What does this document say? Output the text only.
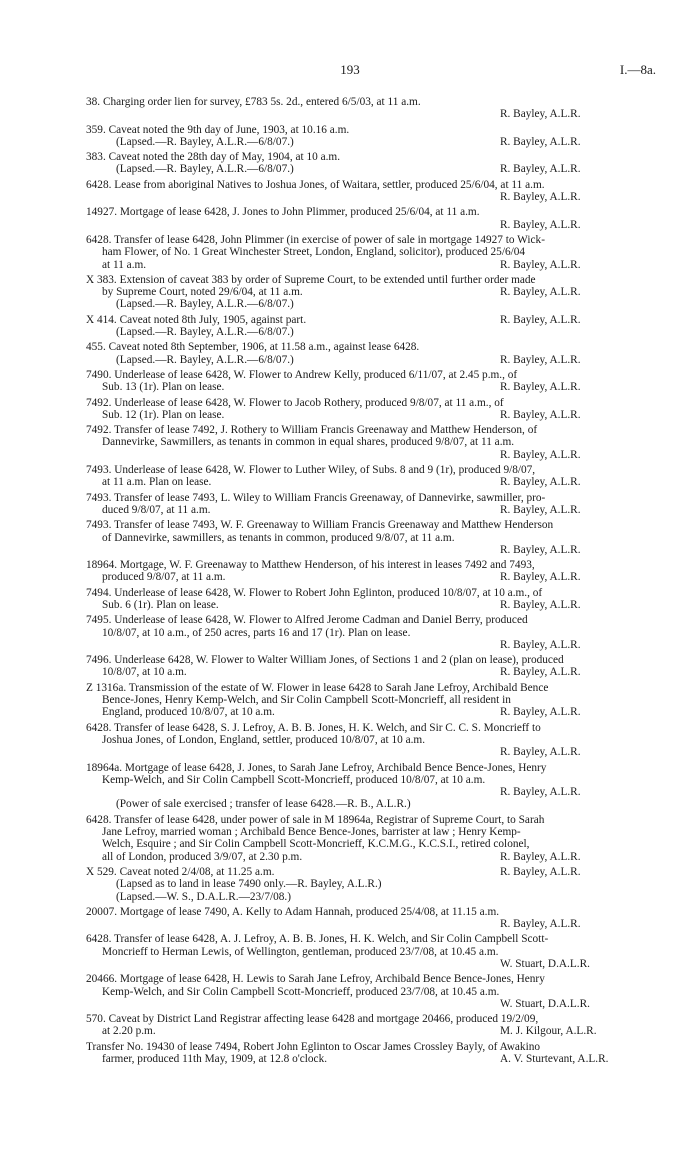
193	I.—8a.
38. Charging order lien for survey, £783 5s. 2d., entered 6/5/03, at 11 a.m.
R. Bayley, A.L.R.
359. Caveat noted the 9th day of June, 1903, at 10.16 a.m.
(Lapsed.—R. Bayley, A.L.R.—6/8/07.)	R. Bayley, A.L.R.
383. Caveat noted the 28th day of May, 1904, at 10 a.m.
(Lapsed.—R. Bayley, A.L.R.—6/8/07.)	R. Bayley, A.L.R.
6428. Lease from aboriginal Natives to Joshua Jones, of Waitara, settler, produced 25/6/04, at 11 a.m.
R. Bayley, A.L.R.
14927. Mortgage of lease 6428, J. Jones to John Plimmer, produced 25/6/04, at 11 a.m.
R. Bayley, A.L.R.
6428. Transfer of lease 6428, John Plimmer (in exercise of power of sale in mortgage 14927 to Wick-
ham Flower, of No. 1 Great Winchester Street, London, England, solicitor), produced 25/6/04
at 11 a.m.	R. Bayley, A.L.R.
X 383. Extension of caveat 383 by order of Supreme Court, to be extended until further order made
by Supreme Court, noted 29/6/04, at 11 a.m.	R. Bayley, A.L.R.
(Lapsed.—R. Bayley, A.L.R.—6/8/07.)
X 414. Caveat noted 8th July, 1905, against part.	R. Bayley, A.L.R.
(Lapsed.—R. Bayley, A.L.R.—6/8/07.)
455. Caveat noted 8th September, 1906, at 11.58 a.m., against lease 6428.
(Lapsed.—R. Bayley, A.L.R.—6/8/07.)	R. Bayley, A.L.R.
7490. Underlease of lease 6428, W. Flower to Andrew Kelly, produced 6/11/07, at 2.45 p.m., of
Sub. 13 (1r). Plan on lease.	R. Bayley, A.L.R.
7492. Underlease of lease 6428, W. Flower to Jacob Rothery, produced 9/8/07, at 11 a.m., of
Sub. 12 (1r). Plan on lease.	R. Bayley, A.L.R.
7492. Transfer of lease 7492, J. Rothery to William Francis Greenaway and Matthew Henderson, of
Dannevirke, Sawmillers, as tenants in common in equal shares, produced 9/8/07, at 11 a.m.
R. Bayley, A.L.R.
7493. Underlease of lease 6428, W. Flower to Luther Wiley, of Subs. 8 and 9 (1r), produced 9/8/07,
at 11 a.m. Plan on lease.	R. Bayley, A.L.R.
7493. Transfer of lease 7493, L. Wiley to William Francis Greenaway, of Dannevirke, sawmiller, pro-
duced 9/8/07, at 11 a.m.	R. Bayley, A.L.R.
7493. Transfer of lease 7493, W. F. Greenaway to William Francis Greenaway and Matthew Henderson
of Dannevirke, sawmillers, as tenants in common, produced 9/8/07, at 11 a.m.
R. Bayley, A.L.R.
18964. Mortgage, W. F. Greenaway to Matthew Henderson, of his interest in leases 7492 and 7493,
produced 9/8/07, at 11 a.m.	R. Bayley, A.L.R.
7494. Underlease of lease 6428, W. Flower to Robert John Eglinton, produced 10/8/07, at 10 a.m., of
Sub. 6 (1r). Plan on lease.	R. Bayley, A.L.R.
7495. Underlease of lease 6428, W. Flower to Alfred Jerome Cadman and Daniel Berry, produced
10/8/07, at 10 a.m., of 250 acres, parts 16 and 17 (1r). Plan on lease.
R. Bayley, A.L.R.
7496. Underlease 6428, W. Flower to Walter William Jones, of Sections 1 and 2 (plan on lease), produced
10/8/07, at 10 a.m.	R. Bayley, A.L.R.
Z 1316a. Transmission of the estate of W. Flower in lease 6428 to Sarah Jane Lefroy, Archibald Bence
Bence-Jones, Henry Kemp-Welch, and Sir Colin Campbell Scott-Moncrieff, all resident in
England, produced 10/8/07, at 10 a.m.	R. Bayley, A.L.R.
6428. Transfer of lease 6428, S. J. Lefroy, A. B. B. Jones, H. K. Welch, and Sir C. C. S. Moncrieff to
Joshua Jones, of London, England, settler, produced 10/8/07, at 10 a.m.
R. Bayley, A.L.R.
18964a. Mortgage of lease 6428, J. Jones, to Sarah Jane Lefroy, Archibald Bence Bence-Jones, Henry
Kemp-Welch, and Sir Colin Campbell Scott-Moncrieff, produced 10/8/07, at 10 a.m.
R. Bayley, A.L.R.
(Power of sale exercised ; transfer of lease 6428.—R. B., A.L.R.)
6428. Transfer of lease 6428, under power of sale in M 18964a, Registrar of Supreme Court, to Sarah
Jane Lefroy, married woman ; Archibald Bence Bence-Jones, barrister at law ; Henry Kemp-
Welch, Esquire ; and Sir Colin Campbell Scott-Moncrieff, K.C.M.G., K.C.S.I., retired colonel,
all of London, produced 3/9/07, at 2.30 p.m.	R. Bayley, A.L.R.
X 529. Caveat noted 2/4/08, at 11.25 a.m.	R. Bayley, A.L.R.
(Lapsed as to land in lease 7490 only.—R. Bayley, A.L.R.)
(Lapsed.—W. S., D.A.L.R.—23/7/08.)
20007. Mortgage of lease 7490, A. Kelly to Adam Hannah, produced 25/4/08, at 11.15 a.m.
R. Bayley, A.L.R.
6428. Transfer of lease 6428, A. J. Lefroy, A. B. B. Jones, H. K. Welch, and Sir Colin Campbell Scott-
Moncrieff to Herman Lewis, of Wellington, gentleman, produced 23/7/08, at 10.45 a.m.
W. Stuart, D.A.L.R.
20466. Mortgage of lease 6428, H. Lewis to Sarah Jane Lefroy, Archibald Bence Bence-Jones, Henry
Kemp-Welch, and Sir Colin Campbell Scott-Moncrieff, produced 23/7/08, at 10.45 a.m.
W. Stuart, D.A.L.R.
570. Caveat by District Land Registrar affecting lease 6428 and mortgage 20466, produced 19/2/09,
at 2.20 p.m.	M. J. Kilgour, A.L.R.
Transfer No. 19430 of lease 7494, Robert John Eglinton to Oscar James Crossley Bayly, of Awakino
farmer, produced 11th May, 1909, at 12.8 o'clock.	A. V. Sturtevant, A.L.R.
